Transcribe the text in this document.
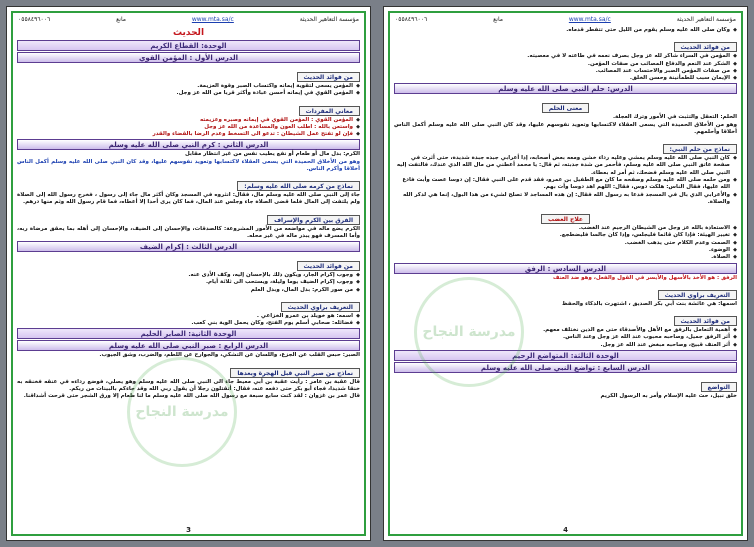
٠٥٥٨٤٩٦٠٠٦	مانع	www.mta.sa/c	مؤسسة التعاهير الحديثة
الحديث
الوحدة: القطاع الكريم
الدرس الأول : المؤمن القوي
من فوائد الحديث
◆ المؤمن يسعى لتقوية إيمانه واكتساب الصبر وقوة العزيمة.
◆ المؤمن القوي في إيمانه أحسن عبادة وأكثر قربا من الله عز وجل.
معاني المفردات
◆ المؤمن القوي : المؤمن القوي في إيمانه وصبره وعزيمته
◆ واستعن بالله : اطلب العون والمساعدة من الله عز وجل
◆ فإن لو تفتح عمل الشيطان : تدعو الى التسخط وعدم الرضا بالقضاء والقدر
الدرس الثاني : كرم النبي صلى الله عليه وسلم
الكرم: بذل مال أو طعام أو نفع يطيب نفس من غير انتظار مقابل
وهو من الأخلاق الحميدة التي يسعى العقلاء لاكتسابها وتعويد نفوسهم عليها، وقد كان النبي صلى الله عليه وسلم أكمل الناس أخلاقا وأكرم الناس.
نماذج من كرمه صلى الله عليه وسلم:
جاء إلى النبي صلى الله عليه وسلم مال، فقال: انثروه في المسجد وكان أكثر مال جاء إلى رسول ، فخرج رسول الله إلى الصلاة ولم يلتفت إلى المال فلما قضى الصلاة جاء وجلس عند المال، فما كان يرى أحدا إلا أعطاه، فما قام رسول الله وثم منها درهم.
الفرق بين الكرم والإسراف
الكرم يضع ماله في مواضعه من الأمور المشروعة: كالصدقات، والإحسان إلى الضيف، والإحسان إلى أهله بما يحقق مرضاة ربه، وأما المسرف فهو يبذر ماله في غير محله.
الدرس الثالث : إكرام الضيف
من فوائد الحديث
◆ وجوب إكرام الجار، ويكون ذلك بالإحسان إليه، وكف الأذى عنه.
◆ وجوب إكرام الضيف يوما وليلة، ويستحب الى ثلاثة أيام.
◆ من صور الكرم: بذل المال، وبذل العلم
التعريف براوي الحديث
◆ اسمه: هو خويلد بن عمرو الخزاعي .
◆ فضائله: صحابي أسلم يوم الفتح، وكان يحمل الوية بني كعب.
الوحدة الثانية: الصابر الحليم
الدرس الرابع : صبر النبي صلى الله عليه وسلم
الصبر: حبس القلب عن الجزع، واللسان عن التشكي، والجوارح عن اللطم، والضرب، وشق الجيوب.
نماذج من صبر النبي قبل الهجرة وبعدها
قال عقبة بن عامر : رأيت عقبة بن أبي معيط جاء الى النبي صلى الله عليه وسلم وهو يصلي، فوضع رداءه في عنقه فخنقه به خنقا شديدا، فجاء أبو بكر حتى دفعه عنه، فقال: أتقتلون رجلا أن يقول ربي الله وقد جاءكم بالبينات من ربكم.
قال عمر بن غزوان : لقد كنت سابع سبعة مع رسول الله صلى الله عليه وسلم ما لنا طعام إلا ورق الشجر حتى قرحت أشداقنا.
مدرسة النجاح
3
٠٥٥٨٤٩٦٠٠٦	مانع	www.mta.sa/c	مؤسسة التعاهير الحديثة
◆ وكان صلى الله عليه وسلم يقوم من الليل حتى تتفطر قدماه.
من فوائد الحديث
◆ المؤمن في السراء شاكر لله عز وجل بصرف نعمه في طاعته لا في معصيته.
◆ الشكر عند النعم والدفاع المصائب من صفات المؤمن.
◆ من صفات المؤمن الصبر والاحتساب عند المصائب.
◆ الإيمان سبب للطمأنينة وحسن الخلق.
الدرس: حلم النبي صلى الله عليه وسلم
معنى الحلم
الحلم: التعقل والتثبت في الأمور وترك العجلة.
وهو من الأخلاق الحميدة التي يسعى العقلاء لاكتسابها وتعويد نفوسهم عليها، وقد كان النبي صلى الله عليه وسلم أكمل الناس أخلاقا وأحلمهم.
نماذج من حلم النبي:
◆ كان النبي صلى الله عليه وسلم يمشي وعليه رداء خشن ومعه بعض أصحابه، إذا أعرابي جبذه جبذة شديدة، حتى أثرت في صفحة عاتق النبي صلى الله عليه وسلم، فأحمر من شدة جذبته، ثم قال: يا محمد أعطني من مال الله الذي عندك، فالتفت إليه النبي صلى الله عليه وسلم فضحك، ثم أمر له بعطاء.
◆ ومن حلمه صلى الله عليه وسلم وصفحه ما كان مع الطفيل بن عمرو، فقد قدم على النبي فقال: إن دوسا عصت وأبت فادع الله عليها، فقال الناس: هلكت دوس، فقال: اللهم اهد دوسا وأت بهم.
◆ والأعرابي الذي بال في المسجد فدعا به رسول الله فقال: إن هذه المساجد لا تصلح لشيء من هذا البول، إنما هي لذكر الله والصلاة.
علاج الغضب
◆ الاستعاذة بالله عز وجل من الشيطان الرجيم عند الغضب.
◆ تغيير الهيئة: فإذا كان قائما فليجلس، وإذا كان جالسا فليضطجع.
◆ الصمت وعدم الكلام حتى يذهب الغضب.
◆ الوضوء.
◆ الصلاة.
الدرس السادس : الرفق
الرفق : هو الأخذ بالأسهل والأيسر في القول والفعل، وهو ضد العنف
التعريف براوي الحديث
اسمها: هي عائشة بنت أبي بكر الصديق ، اشتهرت بالذكاء والحفظ
من فوائد الحديث
◆ أهمية التعامل بالرفق مع الأهل والأصدقاء حتى مع الذين نختلف معهم.
◆ أثر الرفق جميل، وصاحبه محبوب عند الله عز وجل وعند الناس.
◆ أثر العنف قبيح، وصاحبه مبغض عند الله عز وجل.
الوحدة الثالثة: المتواضع الرحيم
الدرس السابع : تواضع النبي صلى الله عليه وسلم
التواضع
خلق نبيل، حث عليه الإسلام وأمر به الرسول الكريم
مدرسة النجاح
4
